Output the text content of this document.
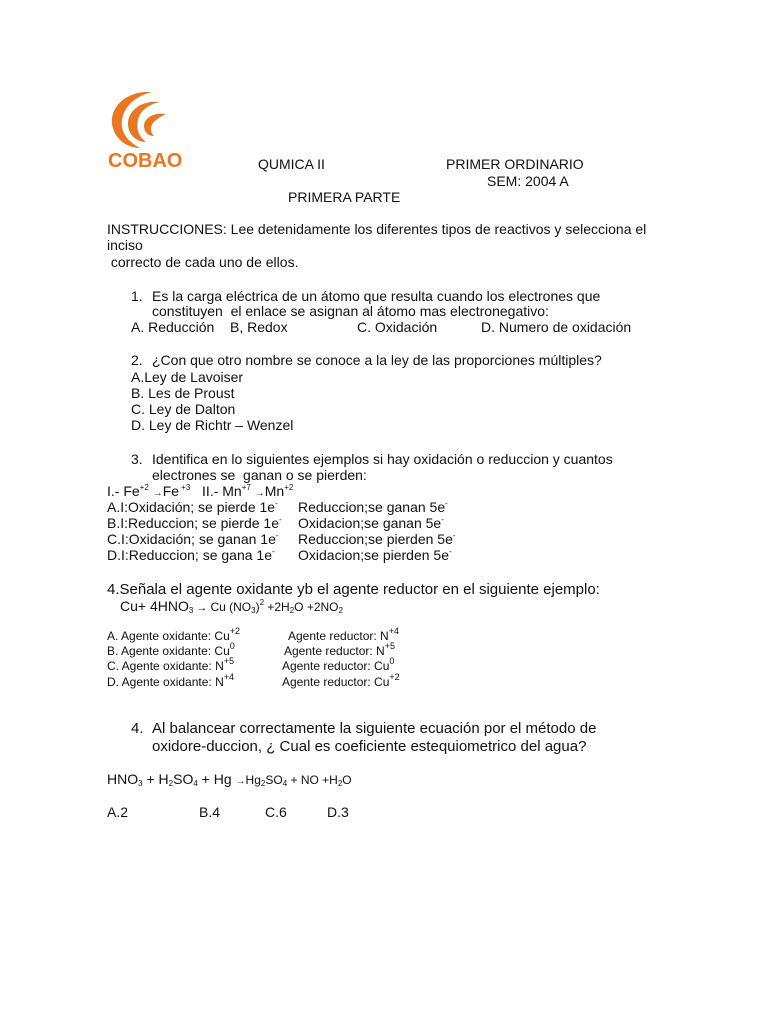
COBAO	QUMICA II	PRIMER ORDINARIO
SEM: 2004 A
PRIMERA PARTE
INSTRUCCIONES: Lee detenidamente los diferentes tipos de reactivos y selecciona el
inciso
correcto de cada uno de ellos.
1. Es la carga eléctrica de un átomo que resulta cuando los electrones que
constituyen  el enlace se asignan al átomo mas electronegativo:
A. Reducción B, Redox	C. Oxidación	D. Numero de oxidación
2. ¿Con que otro nombre se conoce a la ley de las proporciones múltiples?
A.Ley de Lavoiser
B. Les de Proust
C. Ley de Dalton
D. Ley de Richtr – Wenzel
3. Identifica en lo siguientes ejemplos si hay oxidación o reduccion y cuantos
electrones se  ganan o se pierden:
I.- $Fe^{+2} \to Fe$ $^{+3}$ II.- $Mn^{+7} \to Mn^{+2}$
A.I:Oxidación; se pierde 1e- Reduccion;se ganan 5e-
B.I:Reduccion; se pierde 1e- Oxidacion;se ganan 5e-
C.I:Oxidación; se ganan 1e- Reduccion;se pierden 5e-
D.I:Reduccion; se gana 1e- Oxidacion;se pierden 5e-
4.Señala el agente oxidante yb el agente reductor en el siguiente ejemplo:
$Cu+ 4HNO_3 \to Cu$ $(NO_3)^2 +2H_2O +2NO_2$
A. Agente oxidante: $Cu^{+2}$	Agente reductor: $N^{+4}$
B. Agente oxidante: Cu$^0$	Agente reductor: $N^{+5}$
C. Agente oxidante: $N^{+5}$	Agente reductor: Cu$^0$
D. Agente oxidante: $N^{+4}$	Agente reductor: $Cu^{+2}$
4. Al balancear correctamente la siguiente ecuación por el método de
oxidore-duccion, ¿ Cual es coeficiente estequiometrico del agua?
$HNO_3 + H_2SO_4 + Hg \to Hg_2SO_4$ + NO $+H_2O$
A.2	B.4	C.6	D.3
